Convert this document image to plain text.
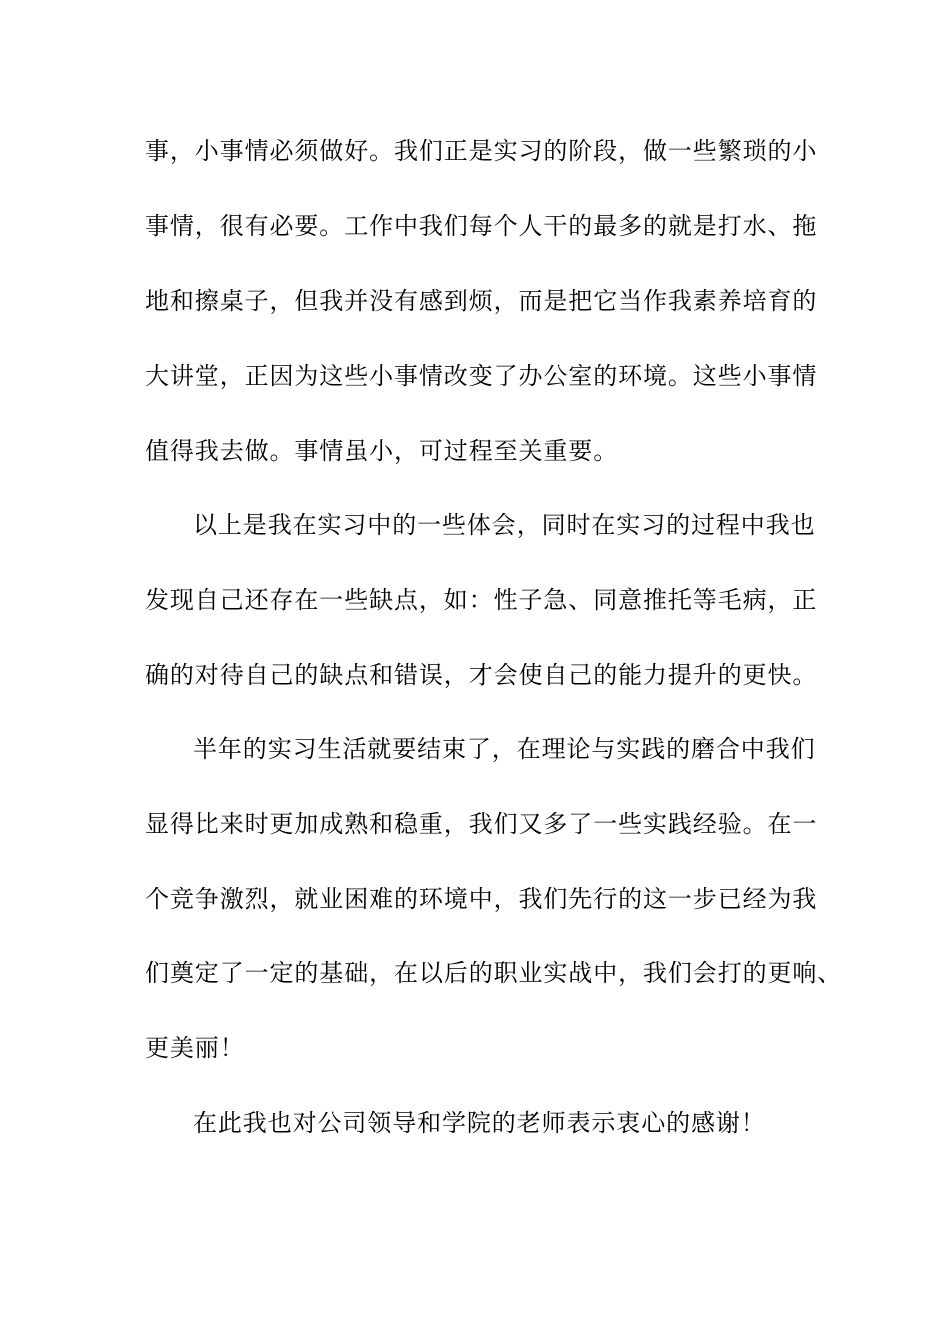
事，小事情必须做好。我们正是实习的阶段，做一些繁琐的小
事情，很有必要。工作中我们每个人干的最多的就是打水、拖
地和擦桌子，但我并没有感到烦，而是把它当作我素养培育的
大讲堂，正因为这些小事情改变了办公室的环境。这些小事情
值得我去做。事情虽小，可过程至关重要。
以上是我在实习中的一些体会，同时在实习的过程中我也
发现自己还存在一些缺点，如：性子急、同意推托等毛病，正
确的对待自己的缺点和错误，才会使自己的能力提升的更快。
半年的实习生活就要结束了，在理论与实践的磨合中我们
显得比来时更加成熟和稳重，我们又多了一些实践经验。在一
个竞争激烈，就业困难的环境中，我们先行的这一步已经为我
们奠定了一定的基础，在以后的职业实战中，我们会打的更响、
更美丽！
在此我也对公司领导和学院的老师表示衷心的感谢！
